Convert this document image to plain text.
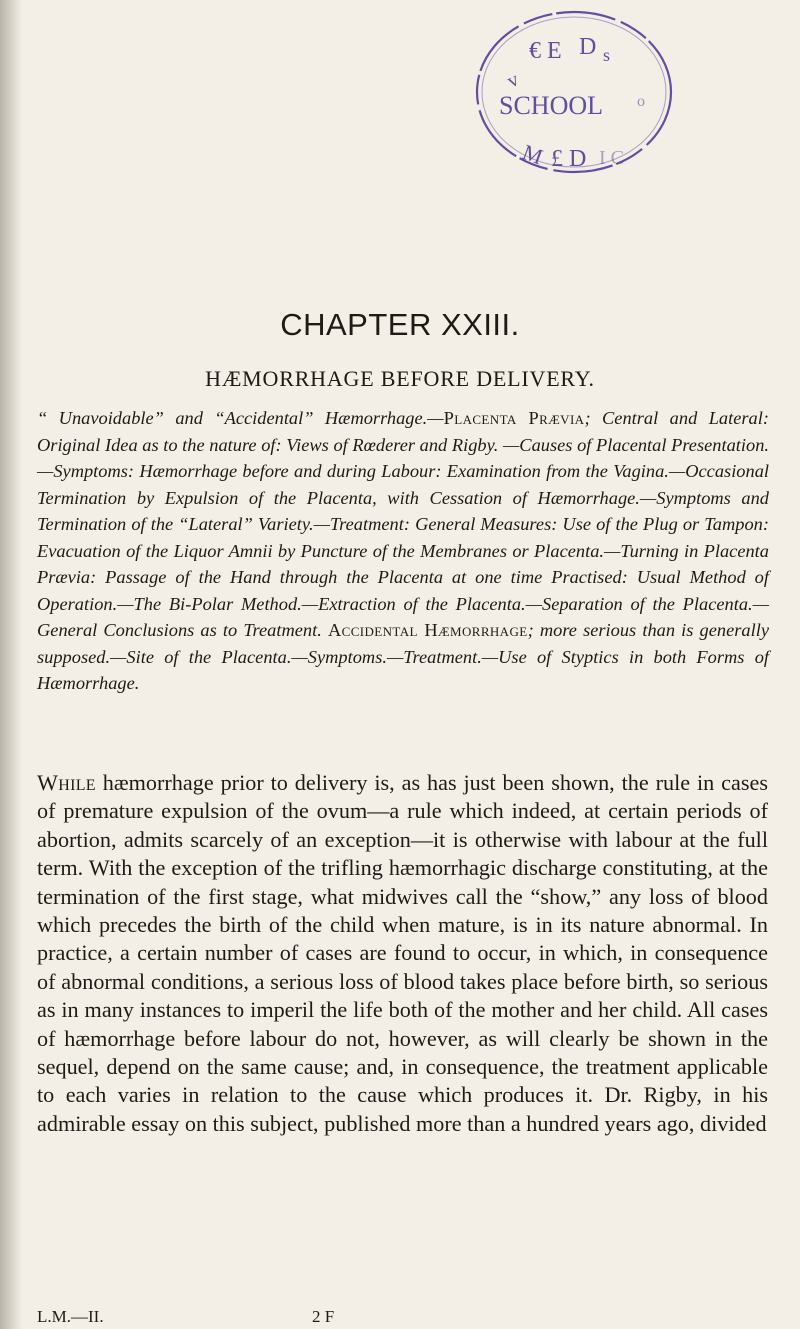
v
€ E D s
SCHOOL o
M £ D I C
CHAPTER XXIII.
HÆMORRHAGE BEFORE DELIVERY.
“ Unavoidable” and “Accidental” Hæmorrhage.—Placenta Prævia; Central and Lateral: Original Idea as to the nature of: Views of Rœderer and Rigby. —Causes of Placental Presentation.—Symptoms: Hæmorrhage before and during Labour: Examination from the Vagina.—Occasional Termination by Expulsion of the Placenta, with Cessation of Hæmorrhage.—Symptoms and Termination of the “Lateral” Variety.—Treatment: General Measures: Use of the Plug or Tampon: Evacuation of the Liquor Amnii by Puncture of the Membranes or Placenta.—Turning in Placenta Prævia: Passage of the Hand through the Placenta at one time Practised: Usual Method of Operation.—The Bi-Polar Method.—Extraction of the Placenta.—Separation of the Placenta.— General Conclusions as to Treatment. Accidental Hæmorrhage; more serious than is generally supposed.—Site of the Placenta.—Symptoms.—Treatment.—Use of Styptics in both Forms of Hæmorrhage.
While hæmorrhage prior to delivery is, as has just been shown, the rule in cases of premature expulsion of the ovum—a rule which indeed, at certain periods of abortion, admits scarcely of an exception—it is otherwise with labour at the full term. With the exception of the trifling hæmorrhagic discharge constituting, at the termination of the first stage, what midwives call the “show,” any loss of blood which precedes the birth of the child when mature, is in its nature abnormal. In practice, a certain number of cases are found to occur, in which, in consequence of abnormal conditions, a serious loss of blood takes place before birth, so serious as in many instances to imperil the life both of the mother and her child. All cases of hæmorrhage before labour do not, however, as will clearly be shown in the sequel, depend on the same cause; and, in consequence, the treatment applicable to each varies in relation to the cause which produces it. Dr. Rigby, in his admirable essay on this subject, published more than a hundred years ago, divided
L.M.—II.	2 F
